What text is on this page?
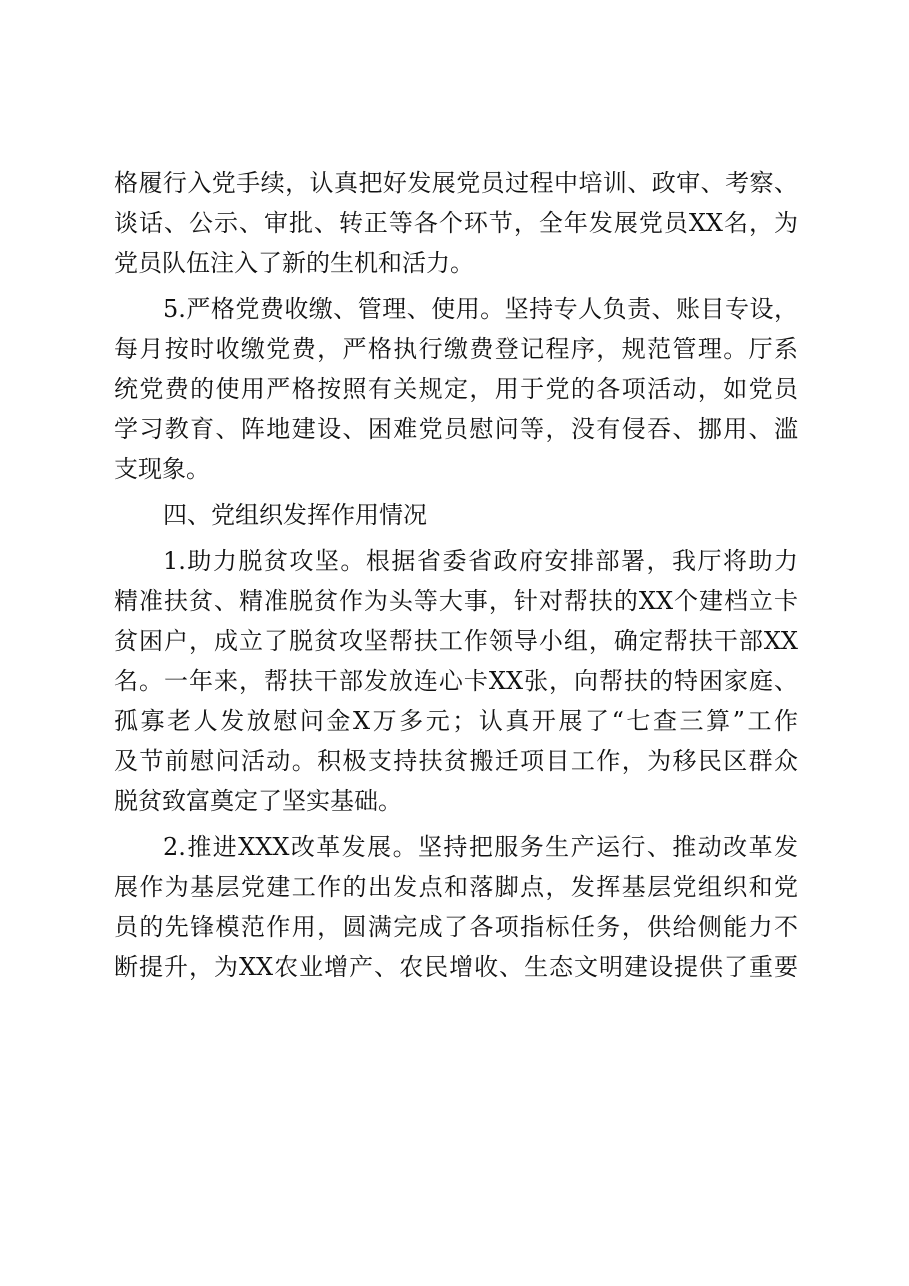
格履行入党手续，认真把好发展党员过程中培训、政审、考察、
谈话、公示、审批、转正等各个环节，全年发展党员XX名，为
党员队伍注入了新的生机和活力。
5.严格党费收缴、管理、使用。坚持专人负责、账目专设，
每月按时收缴党费，严格执行缴费登记程序，规范管理。厅系
统党费的使用严格按照有关规定，用于党的各项活动，如党员
学习教育、阵地建设、困难党员慰问等，没有侵吞、挪用、滥
支现象。
四、党组织发挥作用情况
1.助力脱贫攻坚。根据省委省政府安排部署，我厅将助力
精准扶贫、精准脱贫作为头等大事，针对帮扶的XX个建档立卡
贫困户，成立了脱贫攻坚帮扶工作领导小组，确定帮扶干部XX
名。一年来，帮扶干部发放连心卡XX张，向帮扶的特困家庭、
孤寡老人发放慰问金X万多元；认真开展了“七查三算”工作
及节前慰问活动。积极支持扶贫搬迁项目工作，为移民区群众
脱贫致富奠定了坚实基础。
2.推进XXX改革发展。坚持把服务生产运行、推动改革发
展作为基层党建工作的出发点和落脚点，发挥基层党组织和党
员的先锋模范作用，圆满完成了各项指标任务，供给侧能力不
断提升，为XX农业增产、农民增收、生态文明建设提供了重要
